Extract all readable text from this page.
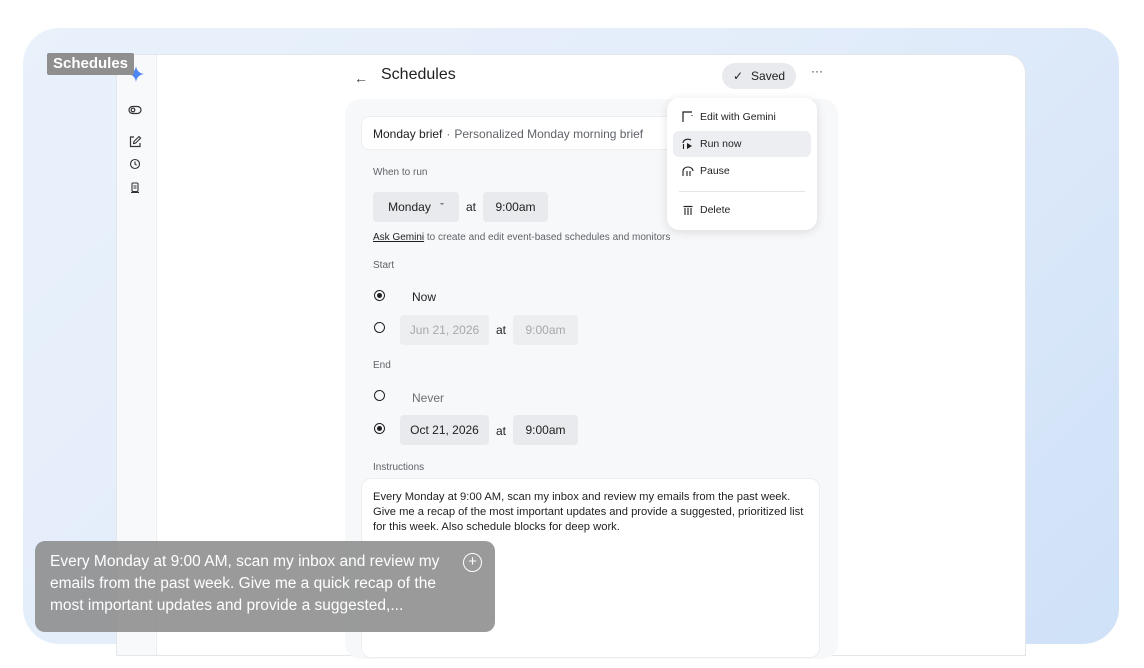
Schedules
← Schedules	✓ Saved ···
Monday brief · Personalized Monday morning brief
When to run
Monday ˇ	at	9:00am
Ask Gemini to create and edit event-based schedules and monitors
Start
Now
Jun 21, 2026	at	9:00am
End
Never
Oct 21, 2026	at	9:00am
Instructions
Every Monday at 9:00 AM, scan my inbox and review my emails from the past week. Give me a recap of the most important updates and provide a suggested, prioritized list for this week. Also schedule blocks for deep work.
Edit with Gemini
Run now
Pause
Delete
Every Monday at 9:00 AM, scan my inbox and review my emails from the past week. Give me a quick recap of the most important updates and provide a suggested,...
+
